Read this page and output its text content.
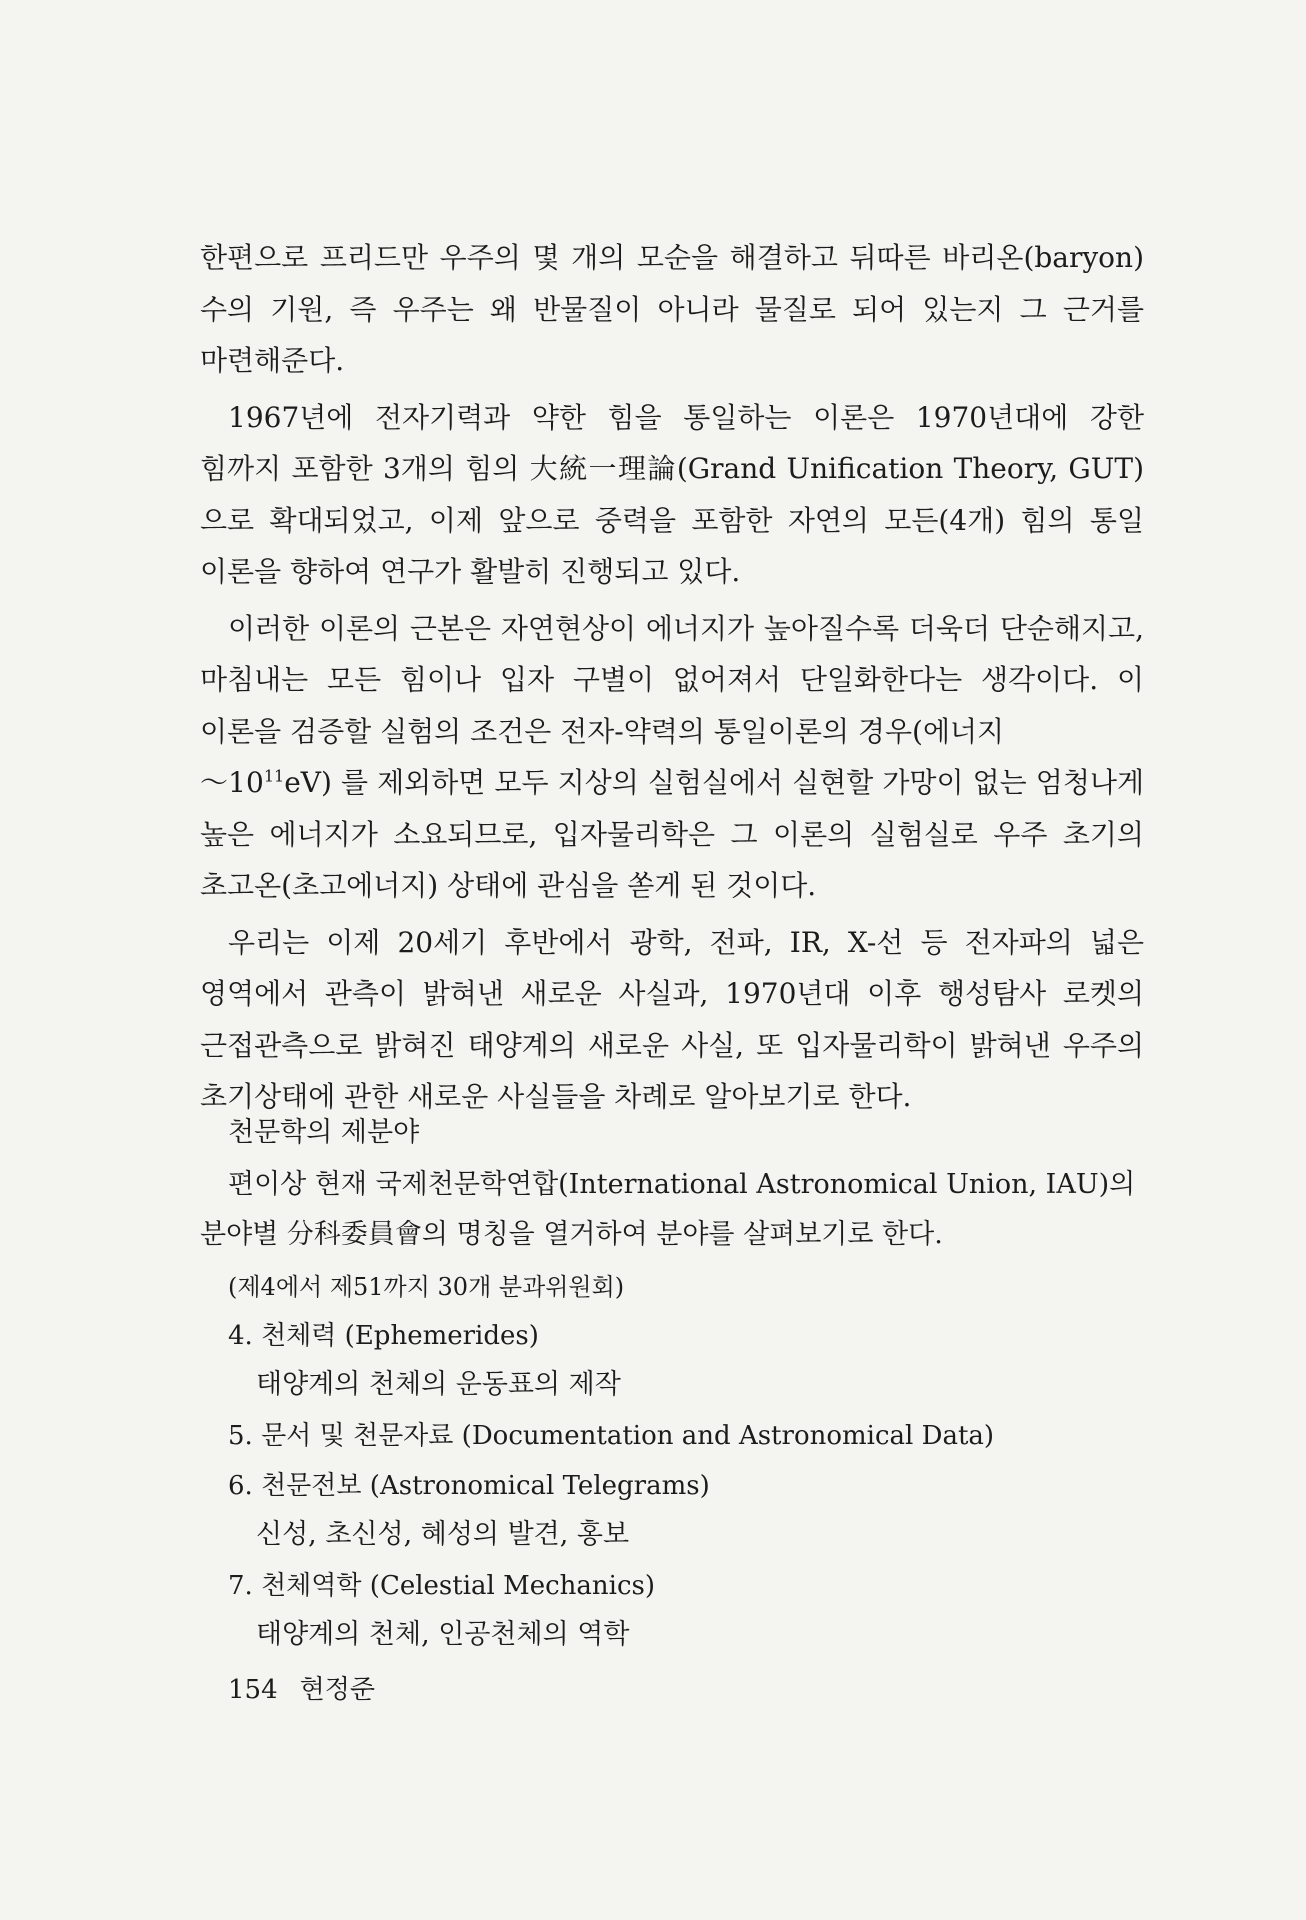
한편으로 프리드만 우주의 몇 개의 모순을 해결하고 뒤따른 바리온(baryon) 수의 기원, 즉 우주는 왜 반물질이 아니라 물질로 되어 있는지 그 근거를 마련해준다.

1967년에 전자기력과 약한 힘을 통일하는 이론은 1970년대에 강한 힘까지 포함한 3개의 힘의 大統一理論(Grand Unification Theory, GUT)으로 확대되었고, 이제 앞으로 중력을 포함한 자연의 모든(4개) 힘의 통일 이론을 향하여 연구가 활발히 진행되고 있다.

이러한 이론의 근본은 자연현상이 에너지가 높아질수록 더욱더 단순해지고, 마침내는 모든 힘이나 입자 구별이 없어져서 단일화한다는 생각이다. 이 이론을 검증할 실험의 조건은 전자-약력의 통일이론의 경우(에너지
$\sim 10^{11}eV$) 를 제외하면 모두 지상의 실험실에서 실현할 가망이 없는 엄청나게 높은 에너지가 소요되므로, 입자물리학은 그 이론의 실험실로 우주 초기의 초고온(초고에너지) 상태에 관심을 쏟게 된 것이다.

우리는 이제 20세기 후반에서 광학, 전파, IR, X-선 등 전자파의 넓은 영역에서 관측이 밝혀낸 새로운 사실과, 1970년대 이후 행성탐사 로켓의 근접관측으로 밝혀진 태양계의 새로운 사실, 또 입자물리학이 밝혀낸 우주의 초기상태에 관한 새로운 사실들을 차례로 알아보기로 한다.

천문학의 제분야

편이상 현재 국제천문학연합(International Astronomical Union, IAU)의 분야별 分科委員會의 명칭을 열거하여 분야를 살펴보기로 한다.

(제4에서 제51까지 30개 분과위원회)

4. 천체력 (Ephemerides)

태양계의 천체의 운동표의 제작

5. 문서 및 천문자료 (Documentation and Astronomical Data)

6. 천문전보 (Astronomical Telegrams)

신성, 초신성, 혜성의 발견, 홍보

7. 천체역학 (Celestial Mechanics)

태양계의 천체, 인공천체의 역학

154 현정준
